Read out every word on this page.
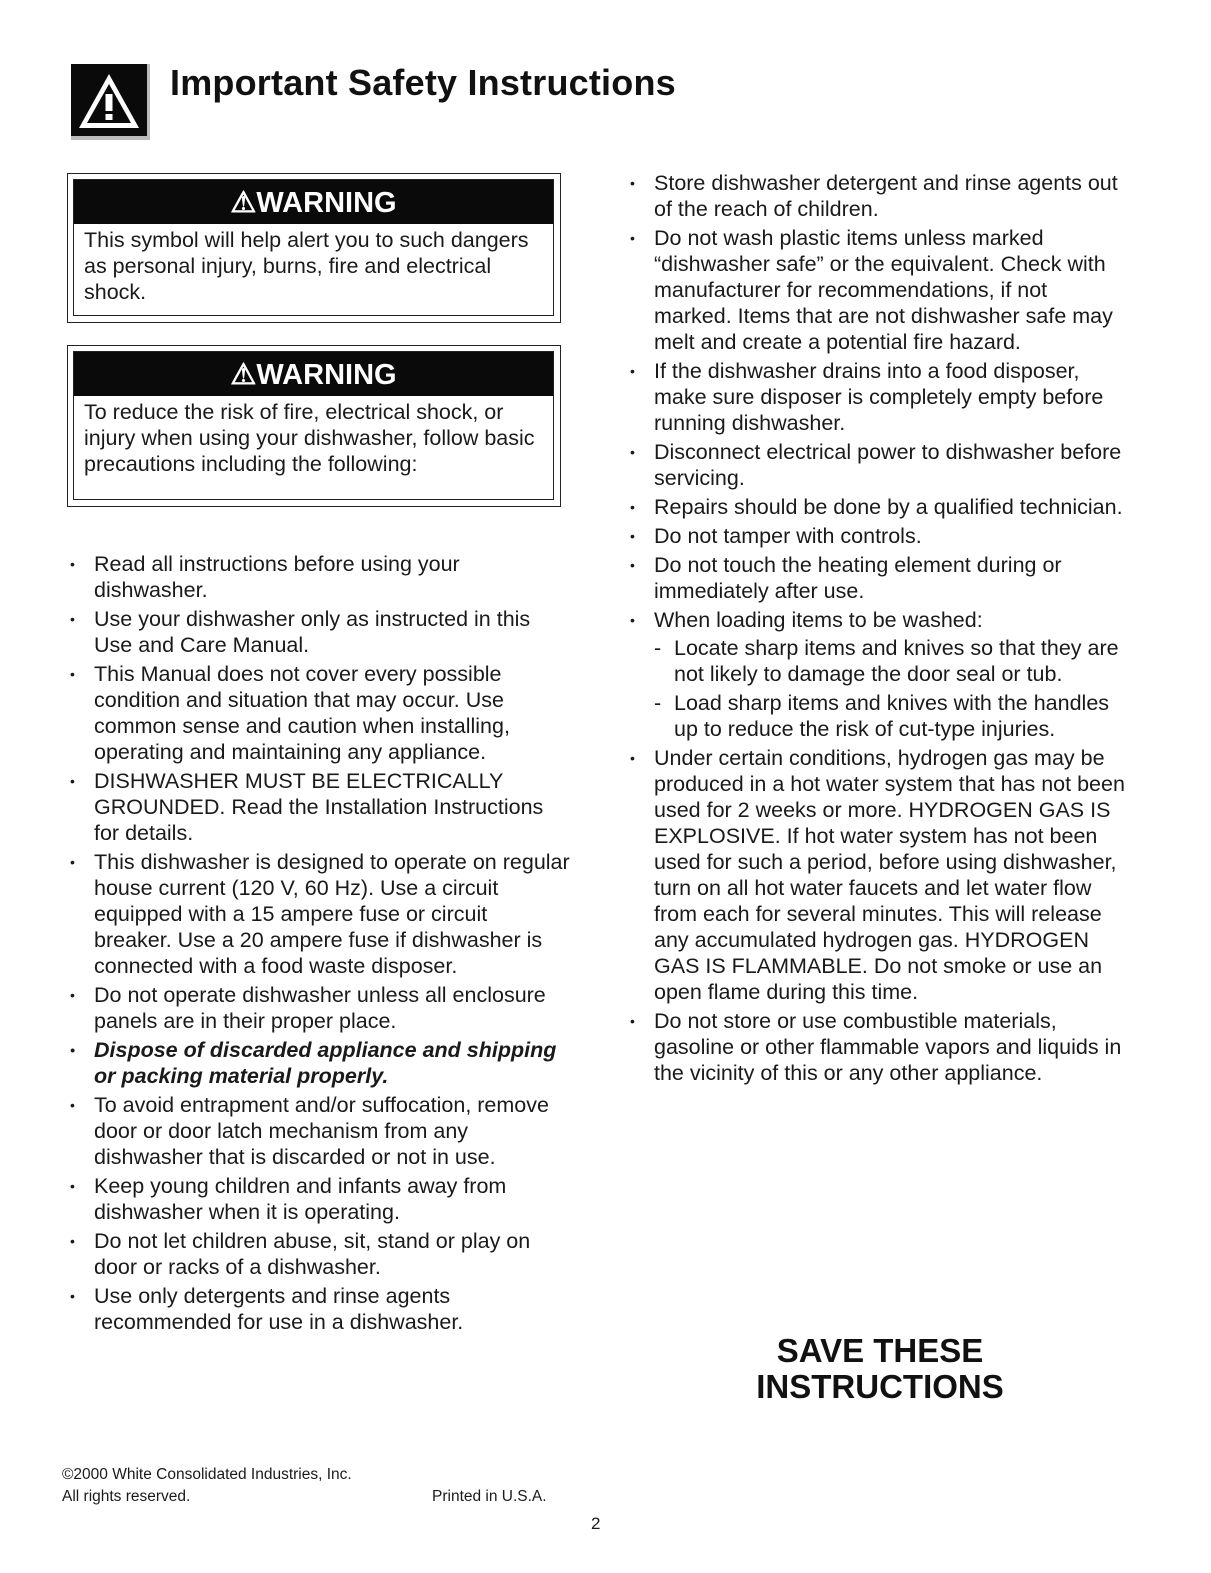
Important Safety Instructions
⚠WARNING
This symbol will help alert you to such dangers as personal injury, burns, fire and electrical shock.
⚠WARNING
To reduce the risk of fire, electrical shock, or injury when using your dishwasher, follow basic precautions including the following:
• Read all instructions before using your dishwasher.
• Use your dishwasher only as instructed in this Use and Care Manual.
• This Manual does not cover every possible condition and situation that may occur. Use common sense and caution when installing, operating and maintaining any appliance.
• DISHWASHER MUST BE ELECTRICALLY GROUNDED. Read the Installation Instructions for details.
• This dishwasher is designed to operate on regular house current (120 V, 60 Hz). Use a circuit equipped with a 15 ampere fuse or circuit breaker. Use a 20 ampere fuse if dishwasher is connected with a food waste disposer.
• Do not operate dishwasher unless all enclosure panels are in their proper place.
• Dispose of discarded appliance and shipping or packing material properly.
• To avoid entrapment and/or suffocation, remove door or door latch mechanism from any dishwasher that is discarded or not in use.
• Keep young children and infants away from dishwasher when it is operating.
• Do not let children abuse, sit, stand or play on door or racks of a dishwasher.
• Use only detergents and rinse agents recommended for use in a dishwasher.
• Store dishwasher detergent and rinse agents out of the reach of children.
• Do not wash plastic items unless marked “dishwasher safe” or the equivalent. Check with manufacturer for recommendations, if not marked. Items that are not dishwasher safe may melt and create a potential fire hazard.
• If the dishwasher drains into a food disposer, make sure disposer is completely empty before running dishwasher.
• Disconnect electrical power to dishwasher before servicing.
• Repairs should be done by a qualified technician.
• Do not tamper with controls.
• Do not touch the heating element during or immediately after use.
• When loading items to be washed:
- Locate sharp items and knives so that they are not likely to damage the door seal or tub.
- Load sharp items and knives with the handles up to reduce the risk of cut-type injuries.
• Under certain conditions, hydrogen gas may be produced in a hot water system that has not been used for 2 weeks or more. HYDROGEN GAS IS EXPLOSIVE. If hot water system has not been used for such a period, before using dishwasher, turn on all hot water faucets and let water flow from each for several minutes. This will release any accumulated hydrogen gas. HYDROGEN GAS IS FLAMMABLE. Do not smoke or use an open flame during this time.
• Do not store or use combustible materials, gasoline or other flammable vapors and liquids in the vicinity of this or any other appliance.
SAVE THESE
INSTRUCTIONS

©2000 White Consolidated Industries, Inc.

All rights reserved.	Printed in U.S.A.

2
